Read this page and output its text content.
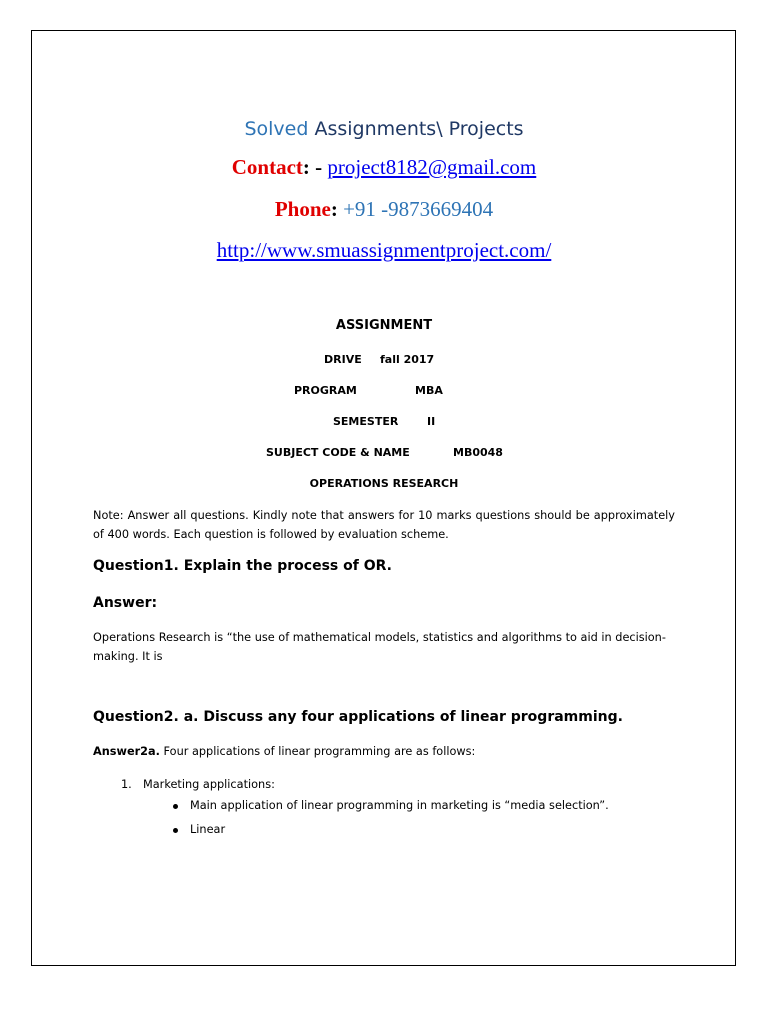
Solved Assignments\ Projects
Contact: - project8182@gmail.com
Phone: +91 -9873669404
http://www.smuassignmentproject.com/
ASSIGNMENT
DRIVE fall 2017
PROGRAM	MBA
SEMESTER	II
SUBJECT CODE & NAME	MB0048
OPERATIONS RESEARCH
Note: Answer all questions. Kindly note that answers for 10 marks questions should be approximately of 400 words. Each question is followed by evaluation scheme.
Question1. Explain the process of OR.
Answer:
Operations Research is “the use of mathematical models, statistics and algorithms to aid in decision-making. It is
Question2. a. Discuss any four applications of linear programming.
Answer2a. Four applications of linear programming are as follows:
1. Marketing applications:
Main application of linear programming in marketing is “media selection”.
Linear
